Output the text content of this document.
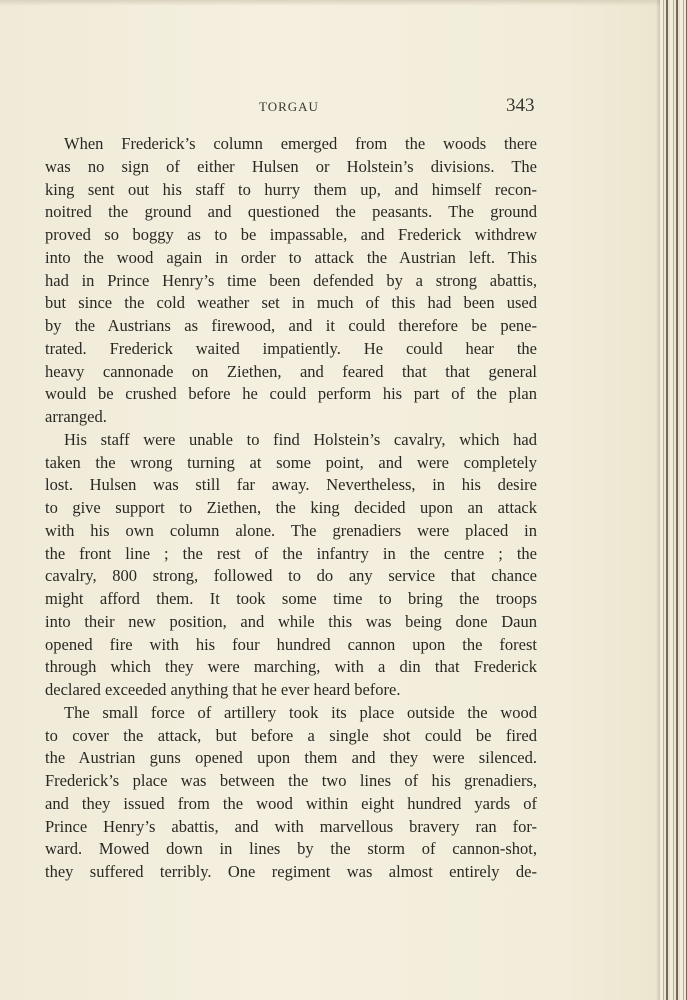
TORGAU	343
When Frederick’s column emerged from the woods there
was no sign of either Hulsen or Holstein’s divisions. The
king sent out his staff to hurry them up, and himself recon-
noitred the ground and questioned the peasants. The ground
proved so boggy as to be impassable, and Frederick withdrew
into the wood again in order to attack the Austrian left. This
had in Prince Henry’s time been defended by a strong abattis,
but since the cold weather set in much of this had been used
by the Austrians as firewood, and it could therefore be pene-
trated. Frederick waited impatiently. He could hear the
heavy cannonade on Ziethen, and feared that that general
would be crushed before he could perform his part of the plan
arranged.
His staff were unable to find Holstein’s cavalry, which had
taken the wrong turning at some point, and were completely
lost. Hulsen was still far away. Nevertheless, in his desire
to give support to Ziethen, the king decided upon an attack
with his own column alone. The grenadiers were placed in
the front line ; the rest of the infantry in the centre ; the
cavalry, 800 strong, followed to do any service that chance
might afford them. It took some time to bring the troops
into their new position, and while this was being done Daun
opened fire with his four hundred cannon upon the forest
through which they were marching, with a din that Frederick
declared exceeded anything that he ever heard before.
The small force of artillery took its place outside the wood
to cover the attack, but before a single shot could be fired
the Austrian guns opened upon them and they were silenced.
Frederick’s place was between the two lines of his grenadiers,
and they issued from the wood within eight hundred yards of
Prince Henry’s abattis, and with marvellous bravery ran for-
ward. Mowed down in lines by the storm of cannon-shot,
they suffered terribly. One regiment was almost entirely de-
